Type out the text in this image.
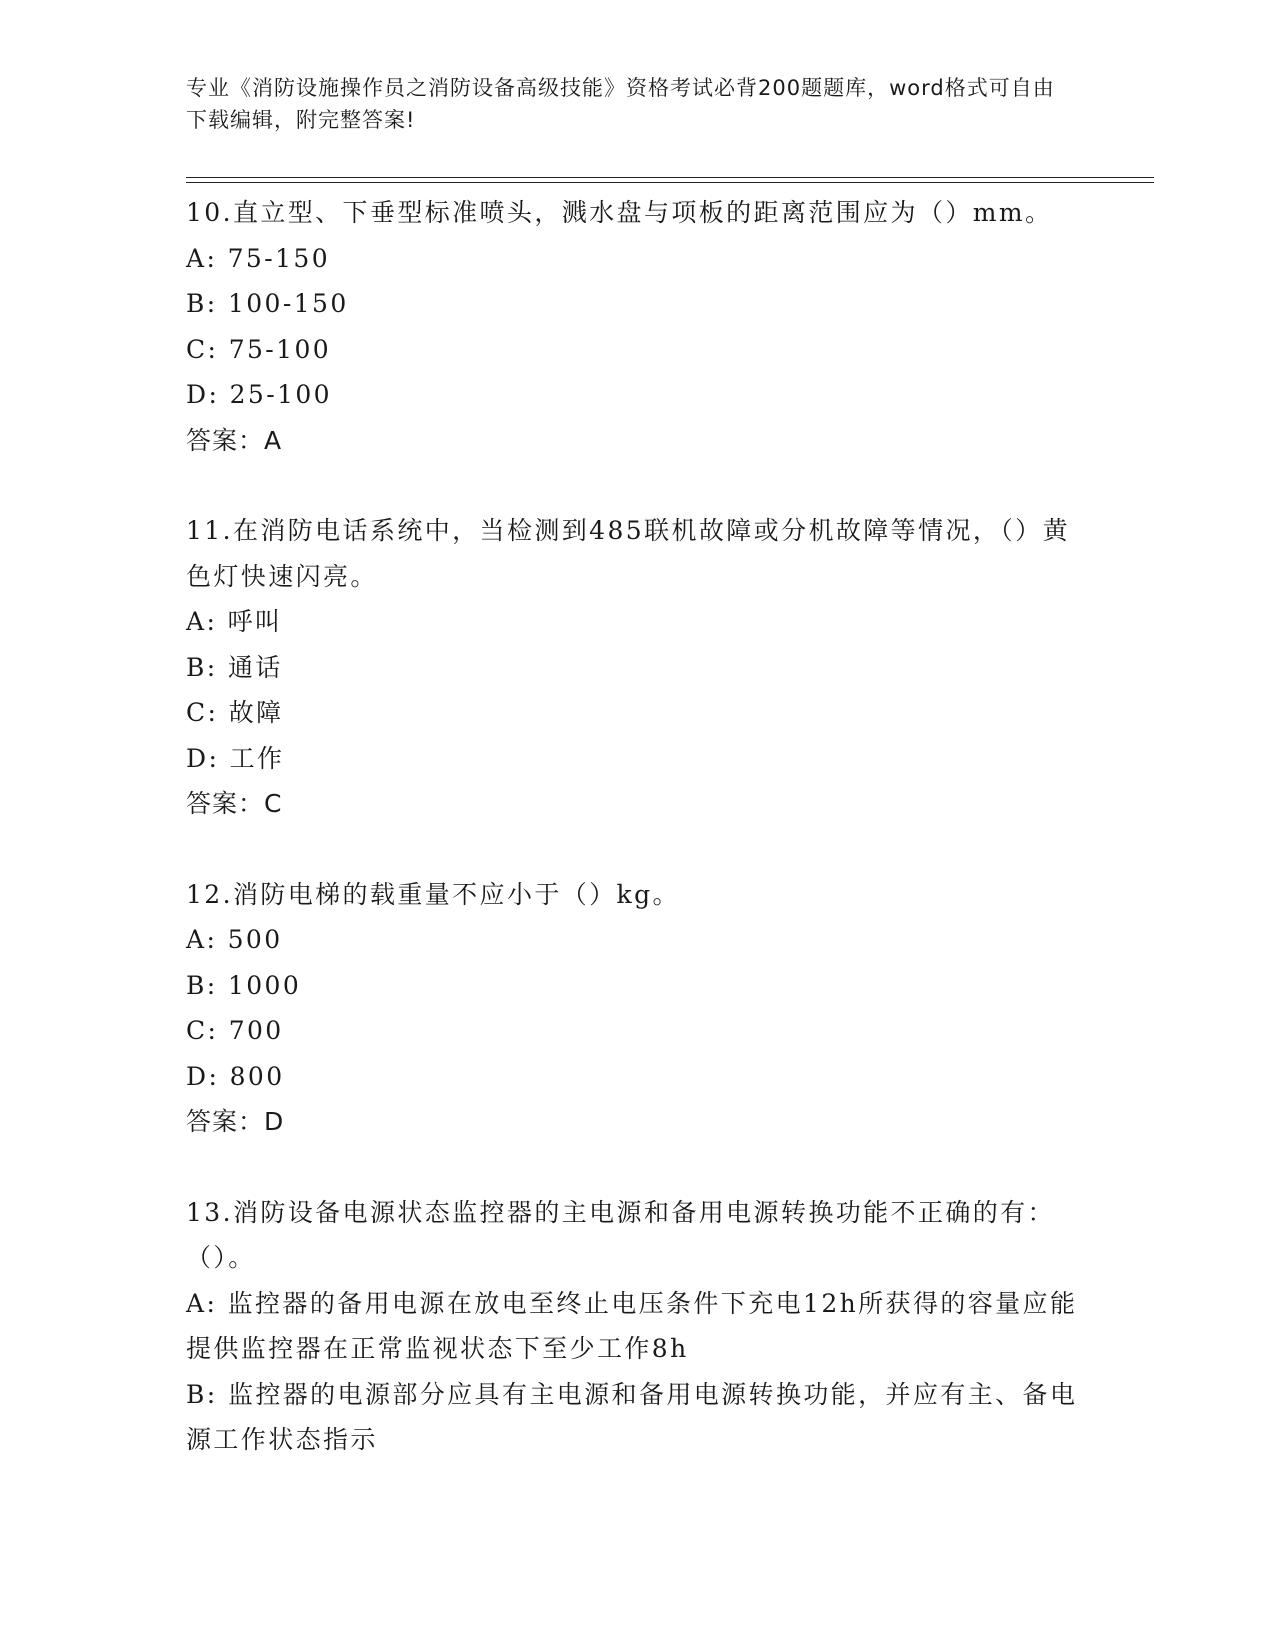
专业《消防设施操作员之消防设备高级技能》资格考试必背200题题库，word格式可自由下载编辑，附完整答案!
10.直立型、下垂型标准喷头，溅水盘与项板的距离范围应为（）mm。
A: 75-150
B: 100-150
C: 75-100
D: 25-100
答案：A
11.在消防电话系统中，当检测到485联机故障或分机故障等情况，（）黄色灯快速闪亮。
A: 呼叫
B: 通话
C: 故障
D: 工作
答案：C
12.消防电梯的载重量不应小于（）kg。
A: 500
B: 1000
C: 700
D: 800
答案：D
13.消防设备电源状态监控器的主电源和备用电源转换功能不正确的有：（）。
A: 监控器的备用电源在放电至终止电压条件下充电12h所获得的容量应能提供监控器在正常监视状态下至少工作8h
B: 监控器的电源部分应具有主电源和备用电源转换功能，并应有主、备电源工作状态指示
